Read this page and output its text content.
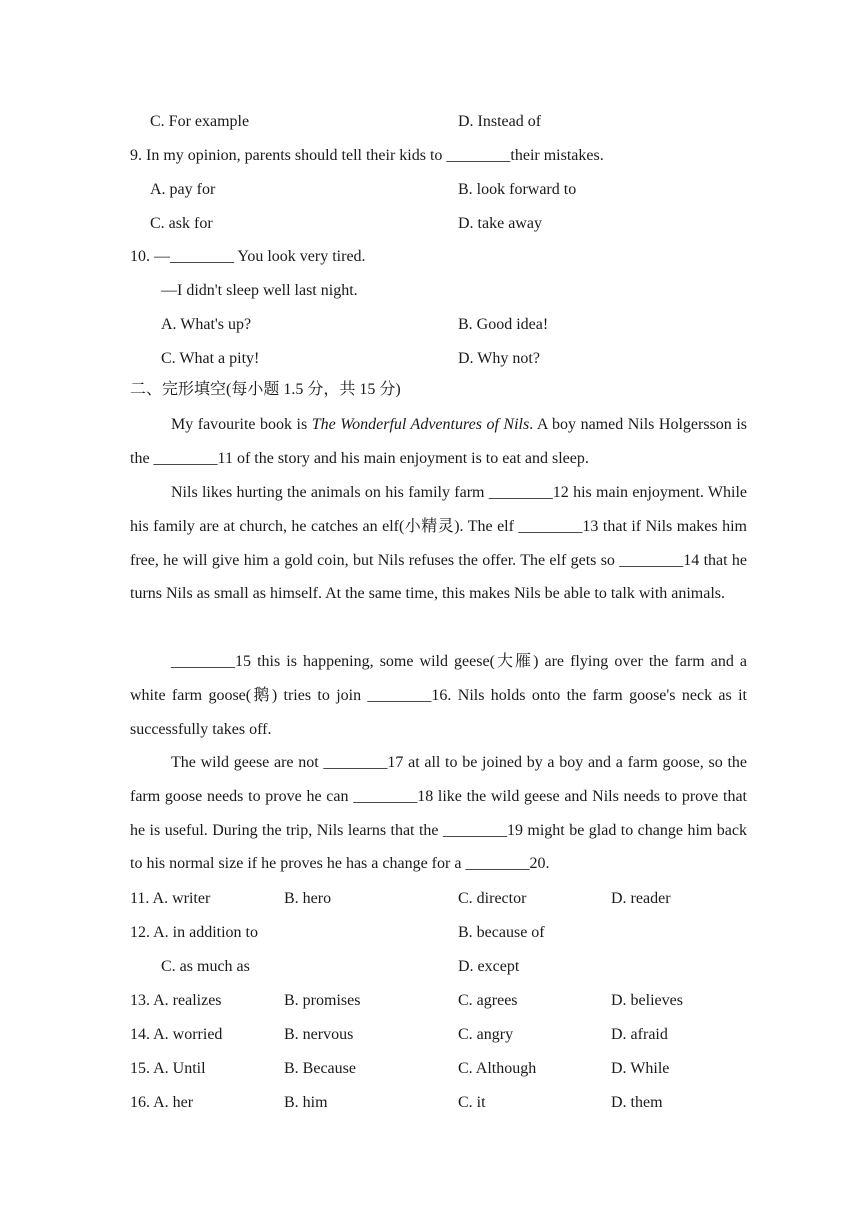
C. For example	D. Instead of
9. In my opinion, parents should tell their kids to ________their mistakes.
A. pay for	B. look forward to
C. ask for	D. take away
10. —________ You look very tired.
—I didn't sleep well last night.
A. What's up?	B. Good idea!
C. What a pity!	D. Why not?
二、完形填空(每小题 1.5 分，共 15 分)
My favourite book is The Wonderful Adventures of Nils. A boy named Nils Holgersson is the ________11 of the story and his main enjoyment is to eat and sleep.
Nils likes hurting the animals on his family farm ________12 his main enjoyment. While his family are at church, he catches an elf(小精灵). The elf ________13 that if Nils makes him free, he will give him a gold coin, but Nils refuses the offer. The elf gets so ________14 that he turns Nils as small as himself. At the same time, this makes Nils be able to talk with animals.
________15 this is happening, some wild geese(大雁) are flying over the farm and a white farm goose(鹅) tries to join ________16. Nils holds onto the farm goose's neck as it successfully takes off.
The wild geese are not ________17 at all to be joined by a boy and a farm goose, so the farm goose needs to prove he can ________18 like the wild geese and Nils needs to prove that he is useful. During the trip, Nils learns that the ________19 might be glad to change him back to his normal size if he proves he has a change for a ________20.
11. A. writer	B. hero	C. director	D. reader
12. A. in addition to	B. because of
C. as much as	D. except
13. A. realizes	B. promises	C. agrees	D. believes
14. A. worried	B. nervous	C. angry	D. afraid
15. A. Until	B. Because	C. Although	D. While
16. A. her	B. him	C. it	D. them
